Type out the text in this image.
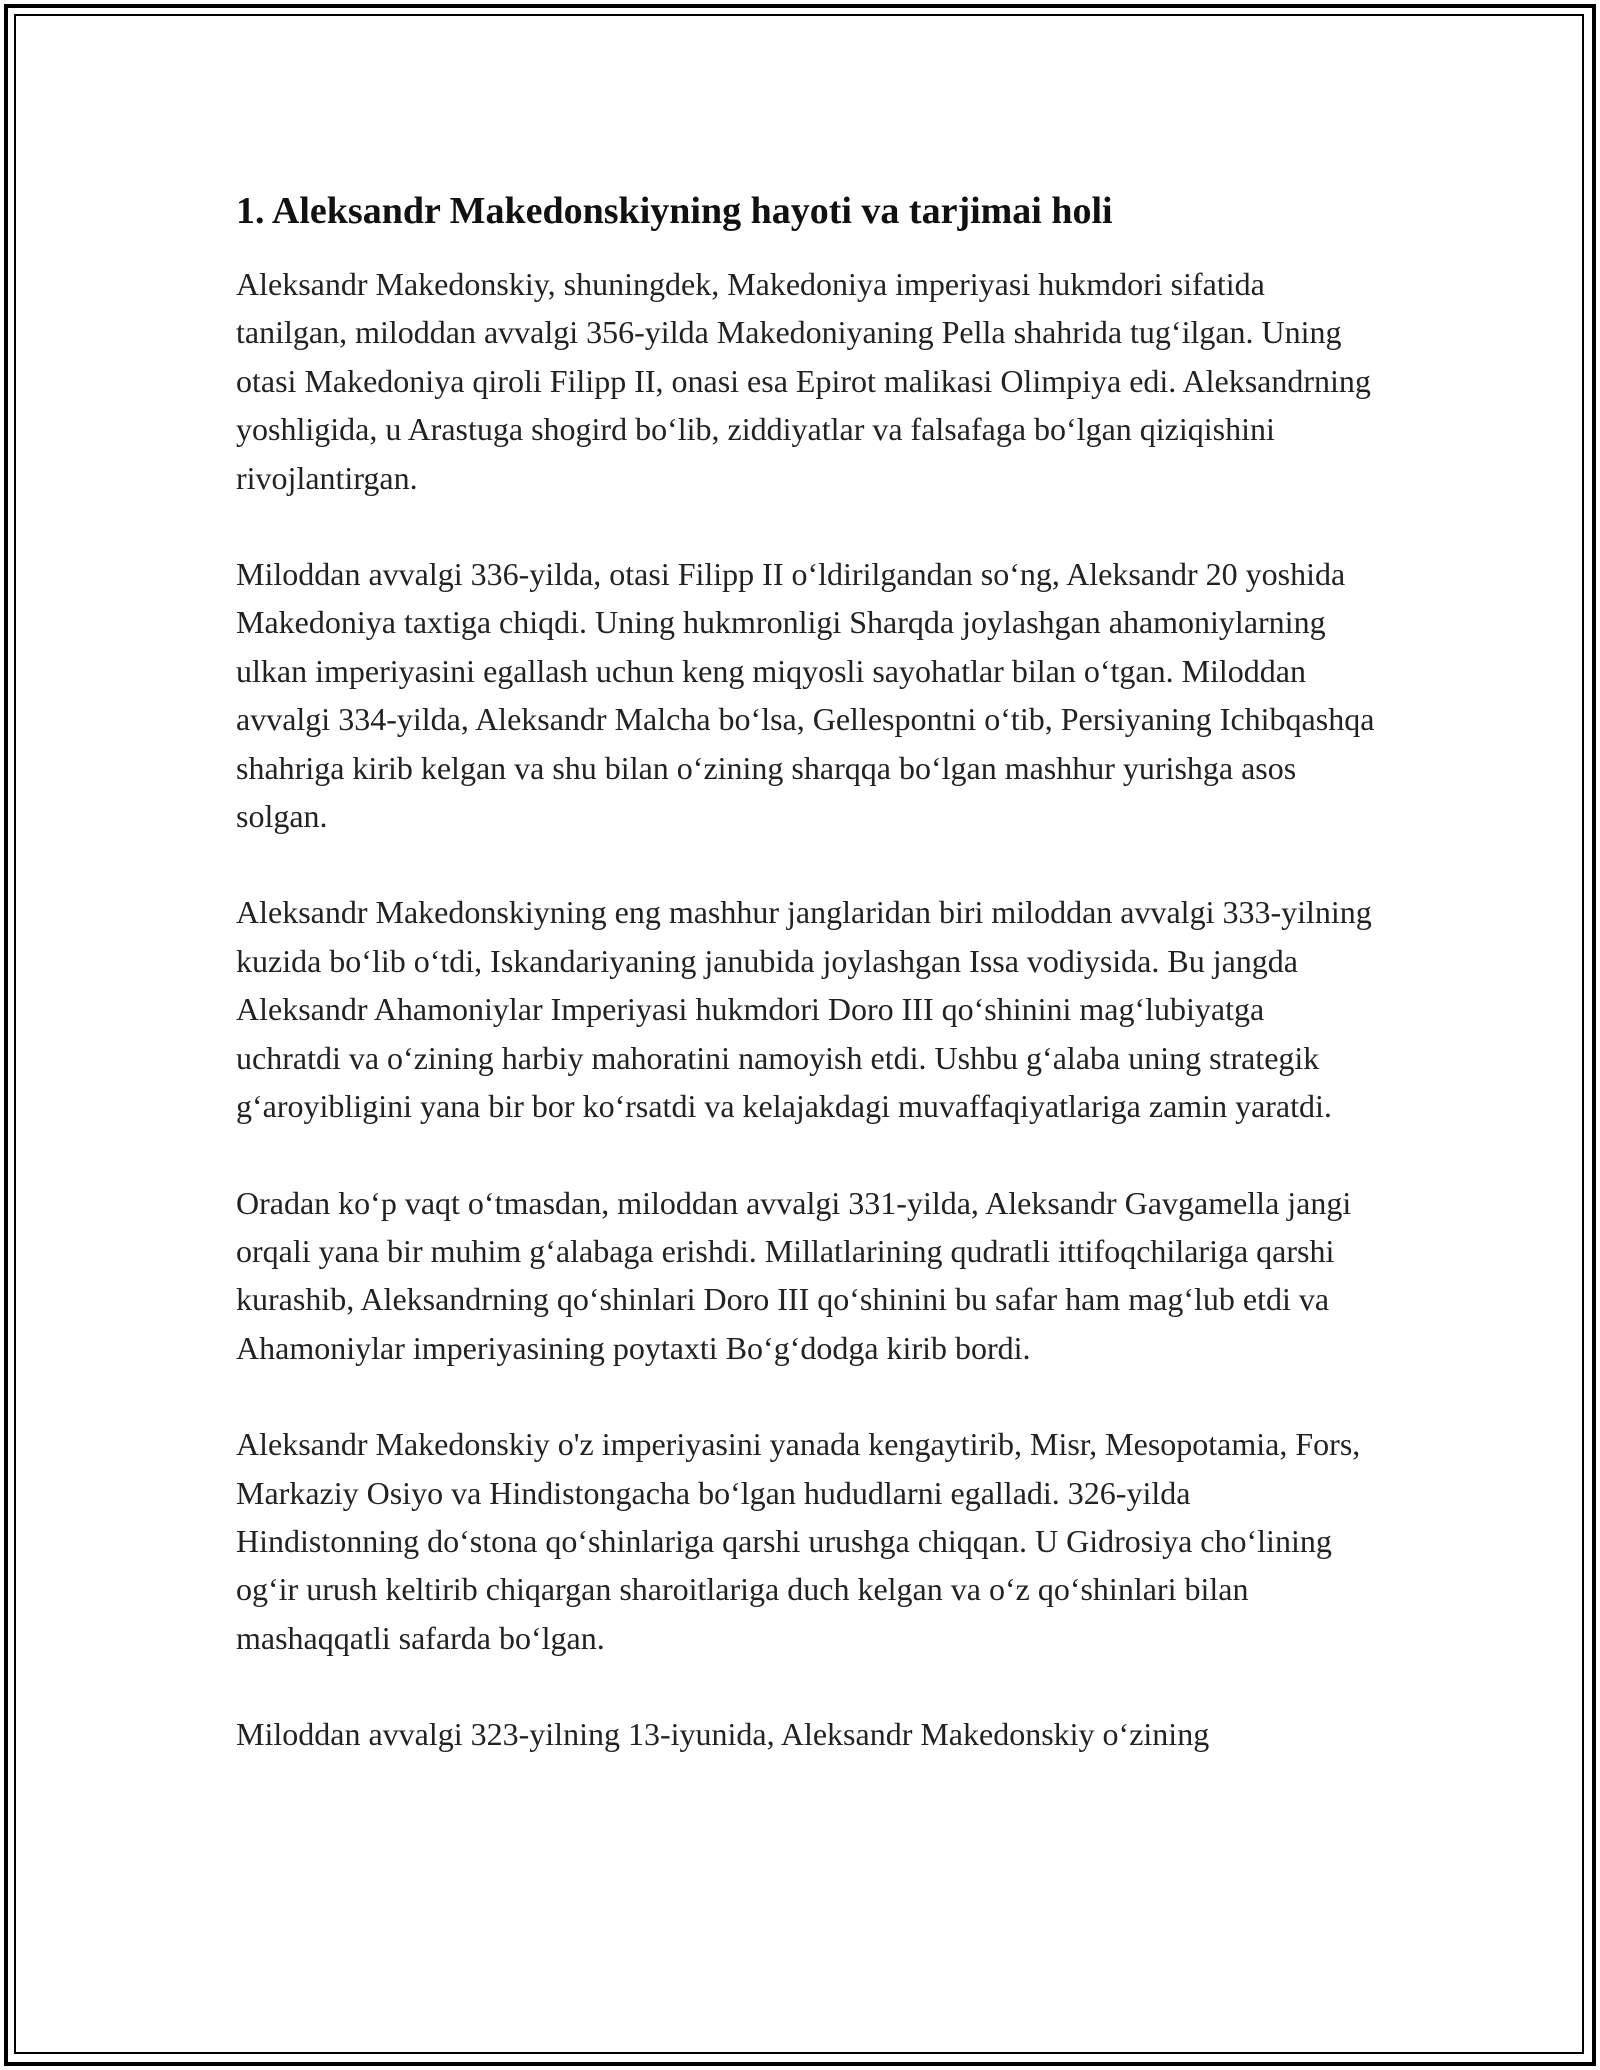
1. Aleksandr Makedonskiyning hayoti va tarjimai holi

Aleksandr Makedonskiy, shuningdek, Makedoniya imperiyasi hukmdori sifatida tanilgan, miloddan avvalgi 356-yilda Makedoniyaning Pella shahrida tug‘ilgan. Uning otasi Makedoniya qiroli Filipp II, onasi esa Epirot malikasi Olimpiya edi. Aleksandrning yoshligida, u Arastuga shogird bo‘lib, ziddiyatlar va falsafaga bo‘lgan qiziqishini rivojlantirgan.

Miloddan avvalgi 336-yilda, otasi Filipp II o‘ldirilgandan so‘ng, Aleksandr 20 yoshida Makedoniya taxtiga chiqdi. Uning hukmronligi Sharqda joylashgan ahamoniylarning ulkan imperiyasini egallash uchun keng miqyosli sayohatlar bilan o‘tgan. Miloddan avvalgi 334-yilda, Aleksandr Malcha bo‘lsa, Gellespontni o‘tib, Persiyaning Ichibqashqa shahriga kirib kelgan va shu bilan o‘zining sharqqa bo‘lgan mashhur yurishga asos solgan.

Aleksandr Makedonskiyning eng mashhur janglaridan biri miloddan avvalgi 333-yilning kuzida bo‘lib o‘tdi, Iskandariyaning janubida joylashgan Issa vodiysida. Bu jangda Aleksandr Ahamoniylar Imperiyasi hukmdori Doro III qo‘shinini mag‘lubiyatga uchratdi va o‘zining harbiy mahoratini namoyish etdi. Ushbu g‘alaba uning strategik g‘aroyibligini yana bir bor ko‘rsatdi va kelajakdagi muvaffaqiyatlariga zamin yaratdi.

Oradan ko‘p vaqt o‘tmasdan, miloddan avvalgi 331-yilda, Aleksandr Gavgamella jangi orqali yana bir muhim g‘alabaga erishdi. Millatlarining qudratli ittifoqchilariga qarshi kurashib, Aleksandrning qo‘shinlari Doro III qo‘shinini bu safar ham mag‘lub etdi va Ahamoniylar imperiyasining poytaxti Bo‘g‘dodga kirib bordi.

Aleksandr Makedonskiy o'z imperiyasini yanada kengaytirib, Misr, Mesopotamia, Fors, Markaziy Osiyo va Hindistongacha bo‘lgan hududlarni egalladi. 326-yilda Hindistonning do‘stona qo‘shinlariga qarshi urushga chiqqan. U Gidrosiya cho‘lining og‘ir urush keltirib chiqargan sharoitlariga duch kelgan va o‘z qo‘shinlari bilan mashaqqatli safarda bo‘lgan.

Miloddan avvalgi 323-yilning 13-iyunida, Aleksandr Makedonskiy o‘zining
